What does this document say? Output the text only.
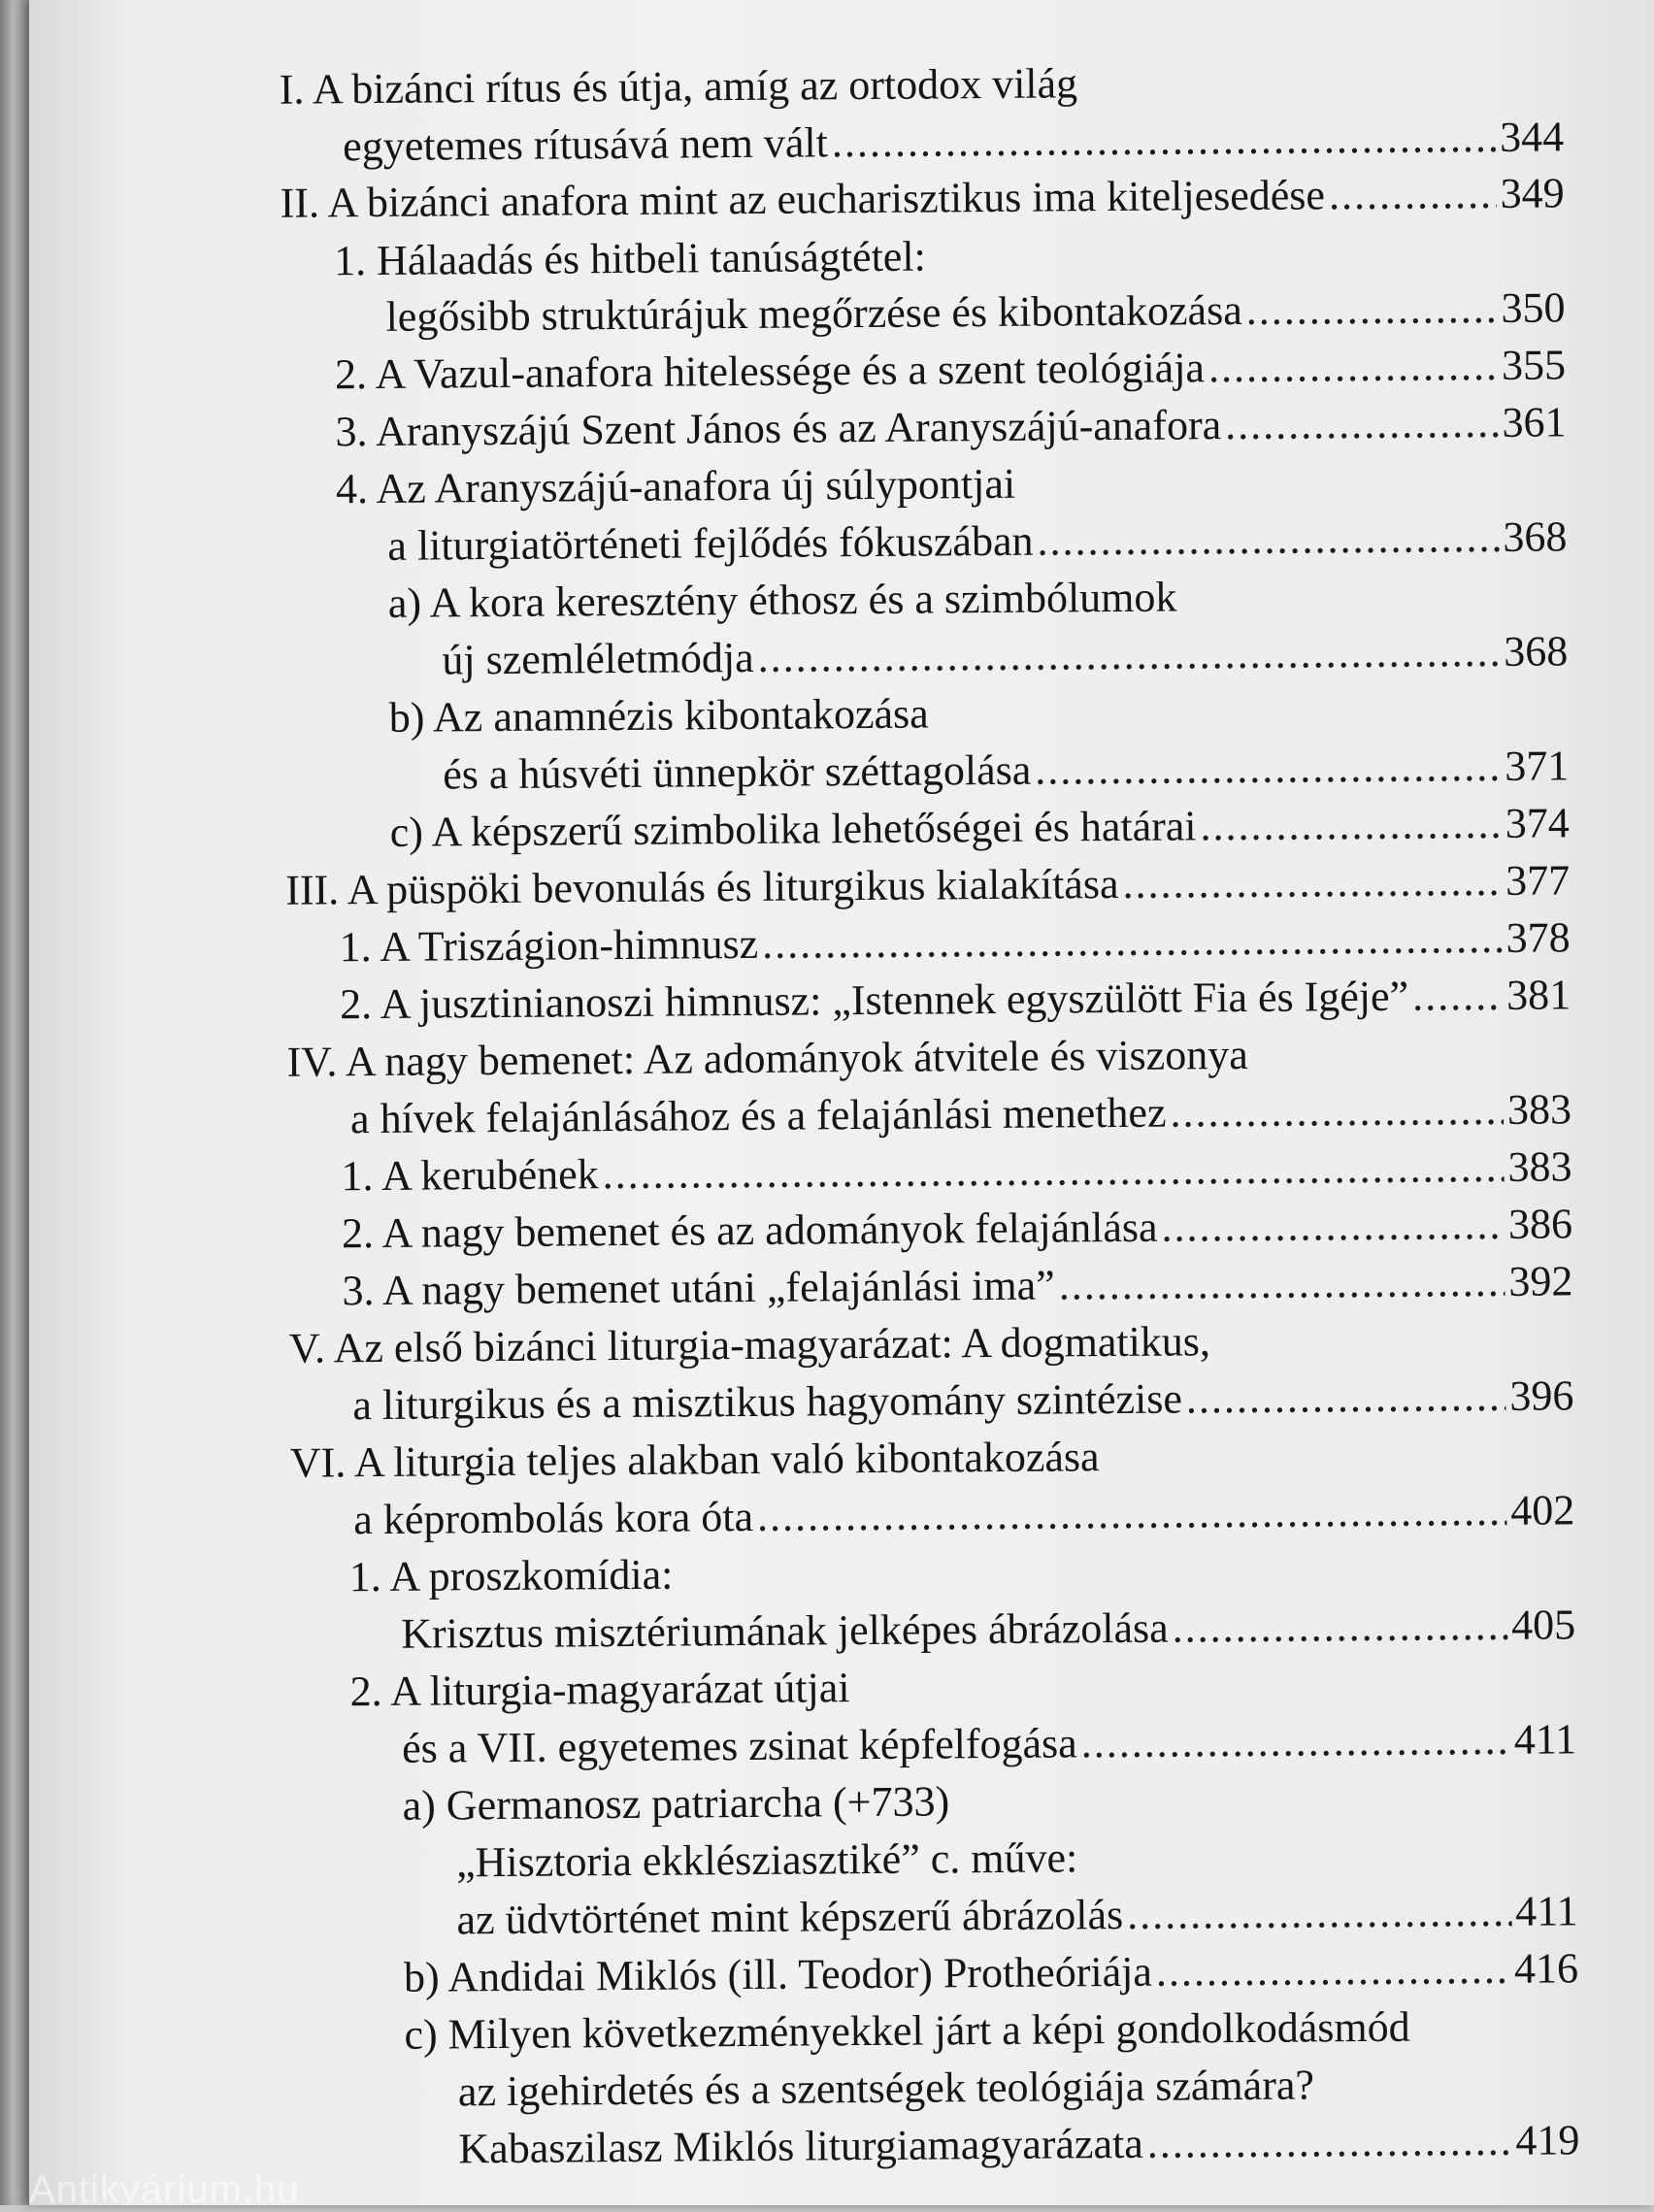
I. A bizánci rítus és útja, amíg az ortodox világ
egyetemes rítusává nem vált .....	344
II. A bizánci anafora mint az eucharisztikus ima kiteljesedése .....	349
1. Hálaadás és hitbeli tanúságtétel:
legősibb struktúrájuk megőrzése és kibontakozása .....	350
2. A Vazul-anafora hitelessége és a szent teológiája .....	355
3. Aranyszájú Szent János és az Aranyszájú-anafora .....	361
4. Az Aranyszájú-anafora új súlypontjai
a liturgiatörténeti fejlődés fókuszában .....	368
a) A kora keresztény éthosz és a szimbólumok
új szemléletmódja .....	368
b) Az anamnézis kibontakozása
és a húsvéti ünnepkör széttagolása .....	371
c) A képszerű szimbolika lehetőségei és határai .....	374
III. A püspöki bevonulás és liturgikus kialakítása .....	377
1. A Triszágion-himnusz .....	378
2. A jusztinianoszi himnusz: „Istennek egyszülött Fia és Igéje” ..... 381
IV. A nagy bemenet: Az adományok átvitele és viszonya
a hívek felajánlásához és a felajánlási menethez .....	383
1. A kerubének .....	383
2. A nagy bemenet és az adományok felajánlása .....	386
3. A nagy bemenet utáni „felajánlási ima” .....	392
V. Az első bizánci liturgia-magyarázat: A dogmatikus,
a liturgikus és a misztikus hagyomány szintézise .....	396
VI. A liturgia teljes alakban való kibontakozása
a képrombolás kora óta .....	402
1. A proszkomídia:
Krisztus misztériumának jelképes ábrázolása .....	405
2. A liturgia-magyarázat útjai
és a VII. egyetemes zsinat képfelfogása .....	411
a) Germanosz patriarcha (+733)
„Hisztoria ekklésziasztiké” c. műve:
az üdvtörténet mint képszerű ábrázolás .....	411
b) Andidai Miklós (ill. Teodor) Protheóriája .....	416
c) Milyen következményekkel járt a képi gondolkodásmód
az igehirdetés és a szentségek teológiája számára?
Kabaszilasz Miklós liturgiamagyarázata .....	419
Antikvárium.hu
